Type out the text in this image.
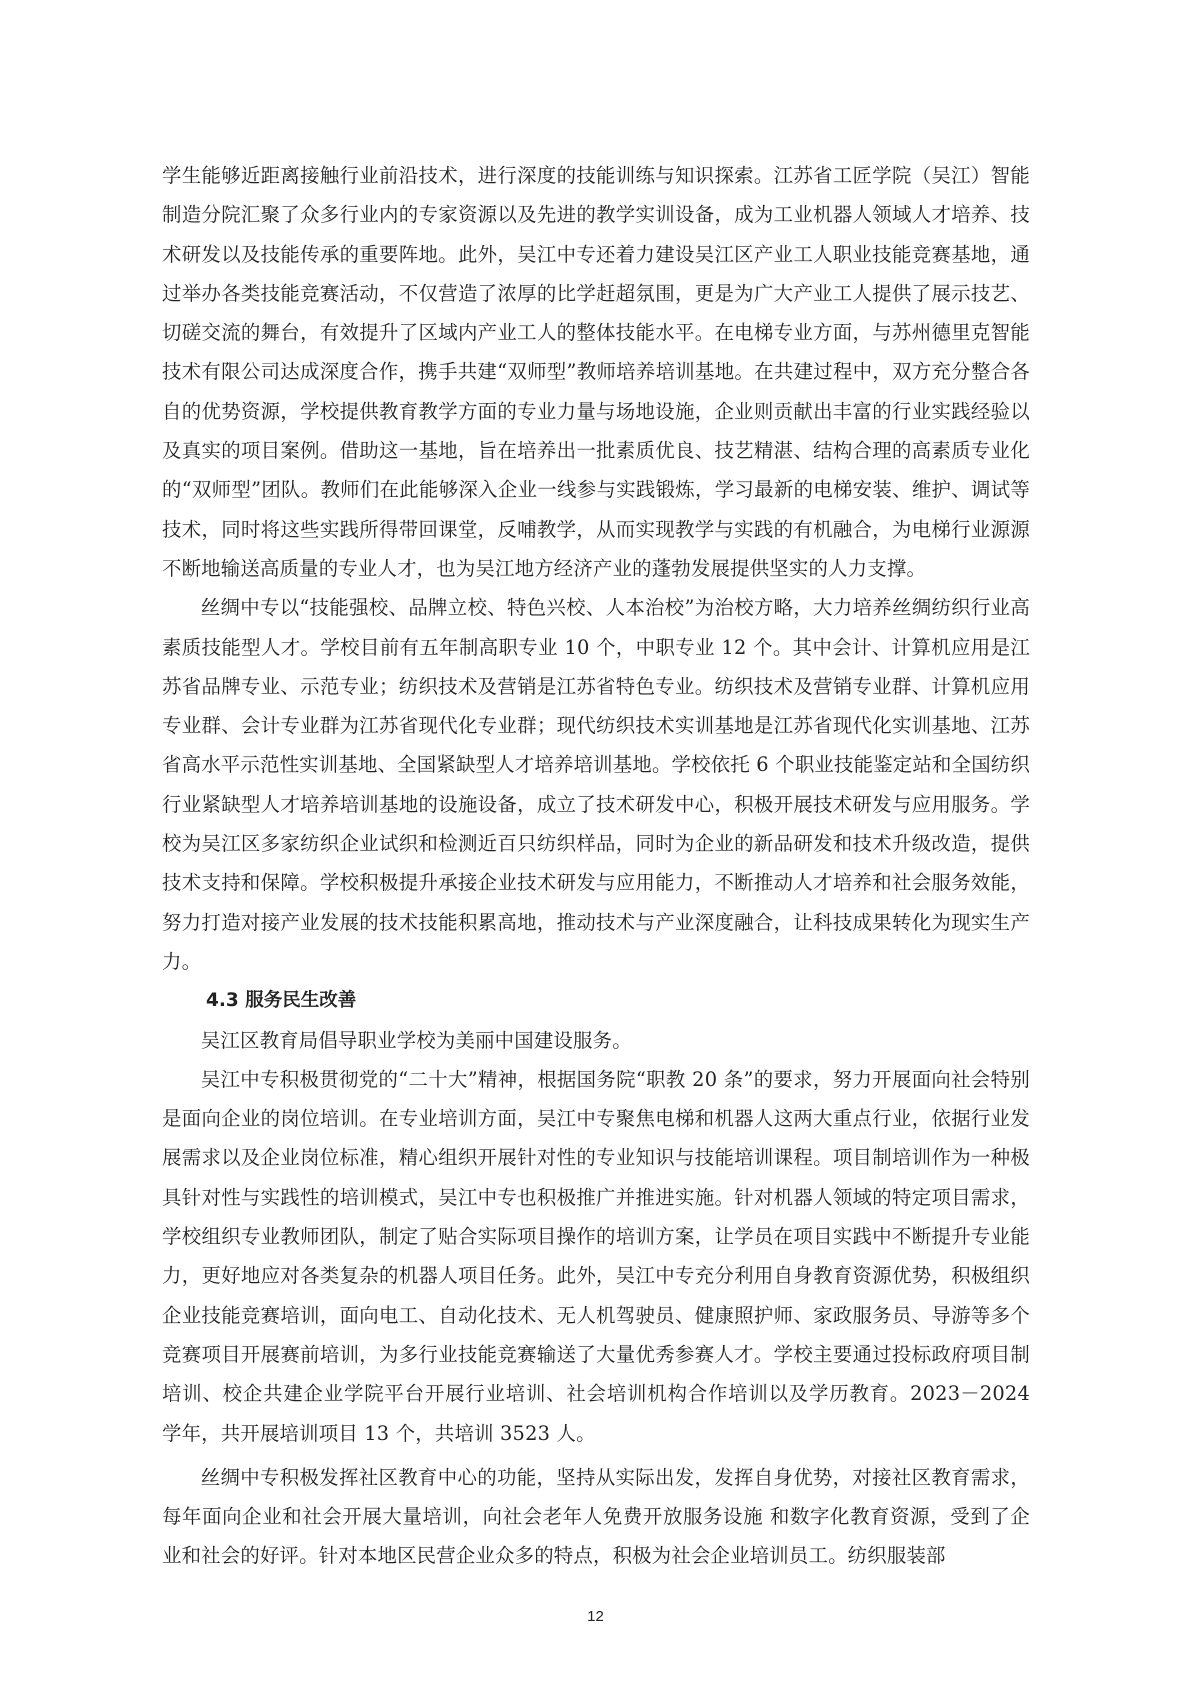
学生能够近距离接触行业前沿技术，进行深度的技能训练与知识探索。江苏省工匠学院（吴江）智能制造分院汇聚了众多行业内的专家资源以及先进的教学实训设备，成为工业机器人领域人才培养、技术研发以及技能传承的重要阵地。此外，吴江中专还着力建设吴江区产业工人职业技能竞赛基地，通过举办各类技能竞赛活动，不仅营造了浓厚的比学赶超氛围，更是为广大产业工人提供了展示技艺、切磋交流的舞台，有效提升了区域内产业工人的整体技能水平。在电梯专业方面，与苏州德里克智能技术有限公司达成深度合作，携手共建“双师型”教师培养培训基地。在共建过程中，双方充分整合各自的优势资源，学校提供教育教学方面的专业力量与场地设施，企业则贡献出丰富的行业实践经验以及真实的项目案例。借助这一基地，旨在培养出一批素质优良、技艺精湛、结构合理的高素质专业化的“双师型”团队。教师们在此能够深入企业一线参与实践锻炼，学习最新的电梯安装、维护、调试等技术，同时将这些实践所得带回课堂，反哺教学，从而实现教学与实践的有机融合，为电梯行业源源不断地输送高质量的专业人才，也为吴江地方经济产业的蓬勃发展提供坚实的人力支撑。

丝绸中专以“技能强校、品牌立校、特色兴校、人本治校”为治校方略，大力培养丝绸纺织行业高素质技能型人才。学校目前有五年制高职专业 10 个，中职专业 12 个。其中会计、计算机应用是江苏省品牌专业、示范专业；纺织技术及营销是江苏省特色专业。纺织技术及营销专业群、计算机应用专业群、会计专业群为江苏省现代化专业群；现代纺织技术实训基地是江苏省现代化实训基地、江苏省高水平示范性实训基地、全国紧缺型人才培养培训基地。学校依托 6 个职业技能鉴定站和全国纺织行业紧缺型人才培养培训基地的设施设备，成立了技术研发中心，积极开展技术研发与应用服务。学校为吴江区多家纺织企业试织和检测近百只纺织样品，同时为企业的新品研发和技术升级改造，提供技术支持和保障。学校积极提升承接企业技术研发与应用能力，不断推动人才培养和社会服务效能，努力打造对接产业发展的技术技能积累高地，推动技术与产业深度融合，让科技成果转化为现实生产力。

4.3 服务民生改善

吴江区教育局倡导职业学校为美丽中国建设服务。

吴江中专积极贯彻党的“二十大”精神，根据国务院“职教 20 条”的要求，努力开展面向社会特别是面向企业的岗位培训。在专业培训方面，吴江中专聚焦电梯和机器人这两大重点行业，依据行业发展需求以及企业岗位标准，精心组织开展针对性的专业知识与技能培训课程。项目制培训作为一种极具针对性与实践性的培训模式，吴江中专也积极推广并推进实施。针对机器人领域的特定项目需求，学校组织专业教师团队，制定了贴合实际项目操作的培训方案，让学员在项目实践中不断提升专业能力，更好地应对各类复杂的机器人项目任务。此外，吴江中专充分利用自身教育资源优势，积极组织企业技能竞赛培训，面向电工、自动化技术、无人机驾驶员、健康照护师、家政服务员、导游等多个竞赛项目开展赛前培训，为多行业技能竞赛输送了大量优秀参赛人才。学校主要通过投标政府项目制培训、校企共建企业学院平台开展行业培训、社会培训机构合作培训以及学历教育。2023－2024 学年，共开展培训项目 13 个，共培训 3523 人。

丝绸中专积极发挥社区教育中心的功能，坚持从实际出发，发挥自身优势，对接社区教育需求，每年面向企业和社会开展大量培训，向社会老年人免费开放服务设施 和数字化教育资源，受到了企业和社会的好评。针对本地区民营企业众多的特点，积极为社会企业培训员工。纺织服装部

12
